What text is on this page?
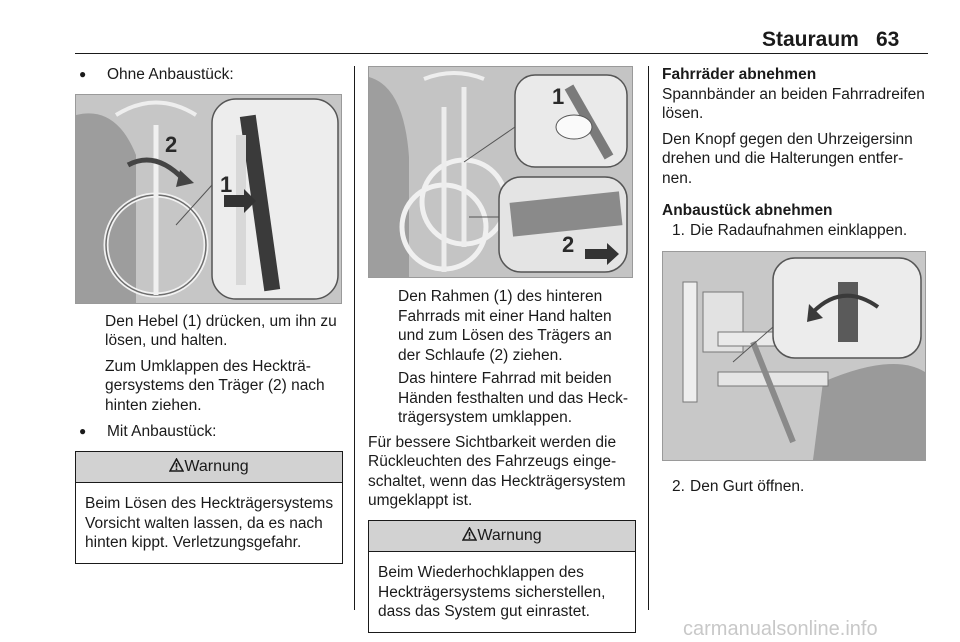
Stauraum 63

● Ohne Anbaustück:

2
1

Den Hebel (1) drücken, um ihn zu lösen, und halten.

Zum Umklappen des Heckträgersystems den Träger (2) nach hinten ziehen.

● Mit Anbaustück:

Warnung
Beim Lösen des Heckträgersystems Vorsicht walten lassen, da es nach hinten kippt. Verletzungsgefahr.
1
2

Den Rahmen (1) des hinteren Fahrrads mit einer Hand halten und zum Lösen des Trägers an der Schlaufe (2) ziehen.

Das hintere Fahrrad mit beiden Händen festhalten und das Heckträgersystem umklappen.

Für bessere Sichtbarkeit werden die Rückleuchten des Fahrzeugs eingeschaltet, wenn das Heckträgersystem umgeklappt ist.

Warnung
Beim Wiederhochklappen des Heckträgersystems sicherstellen, dass das System gut einrastet.

Fahrräder abnehmen

Spannbänder an beiden Fahrradreifen lösen.

Den Knopf gegen den Uhrzeigersinn drehen und die Halterungen entfernen.

Anbaustück abnehmen

1. Die Radaufnahmen einklappen.

2. Den Gurt öffnen.

carmanualsonline.info
